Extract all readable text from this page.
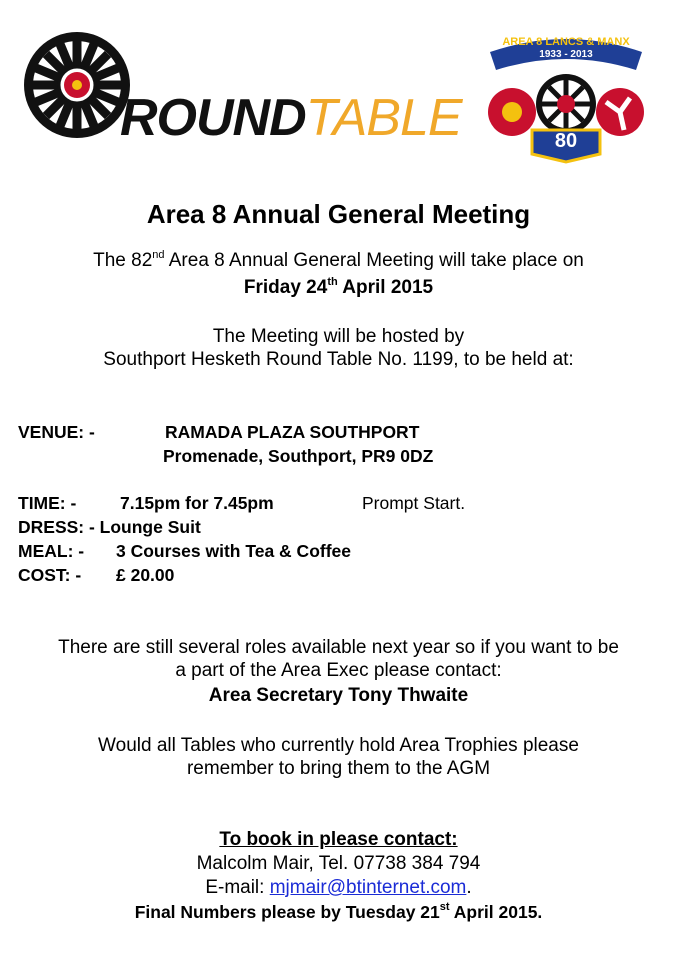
ROUNDTABLE
AREA 8 LANCS & MANX
1933 - 2013
80
Area 8 Annual General Meeting
The 82nd Area 8 Annual General Meeting will take place on
Friday 24th April 2015
The Meeting will be hosted by
Southport Hesketh Round Table No. 1199, to be held at:
VENUE: -	RAMADA PLAZA SOUTHPORT
Promenade, Southport, PR9 0DZ
TIME: - 7.15pm for 7.45pm	Prompt Start.
DRESS: - Lounge Suit
MEAL: - 3 Courses with Tea & Coffee
COST: - £ 20.00
There are still several roles available next year so if you want to be
a part of the Area Exec please contact:
Area Secretary Tony Thwaite
Would all Tables who currently hold Area Trophies please
remember to bring them to the AGM
To book in please contact:
Malcolm Mair, Tel. 07738 384 794
E-mail: mjmair@btinternet.com.
Final Numbers please by Tuesday 21st April 2015.
